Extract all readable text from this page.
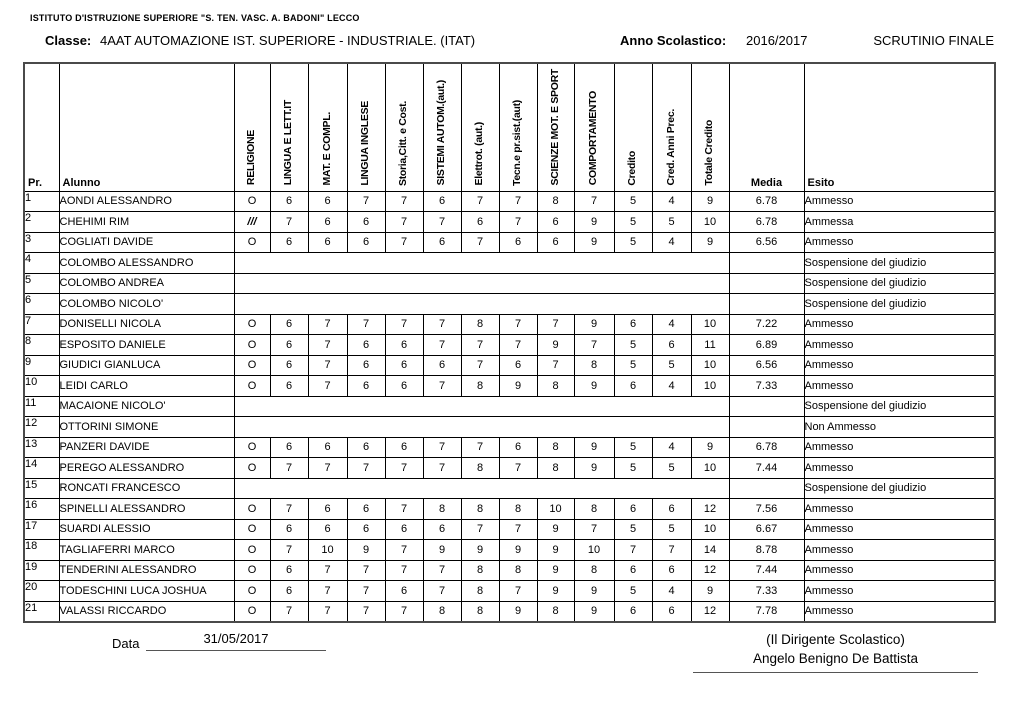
ISTITUTO D'ISTRUZIONE SUPERIORE "S. TEN. VASC. A. BADONI" LECCO
Classe: 4AAT AUTOMAZIONE IST. SUPERIORE - INDUSTRIALE. (ITAT)	Anno Scolastico: 2016/2017	SCRUTINIO FINALE
Pr.	Alunno	RELIGIONE	LINGUA E LETT.IT	MAT. E COMPL.	LINGUA INGLESE	Storia,Citt. e Cost.	SISTEMI AUTOM.(aut.)	Elettrot. (aut.)	Tecn.e pr.sist.(aut)	SCIENZE MOT. E SPORT	COMPORTAMENTO	Credito	Cred. Anni Prec.	Totale Credito	Media	Esito
1	AONDI ALESSANDRO	O	6	6	7	7	6	7	7	8	7	5	4	9	6.78	Ammesso
2	CHEHIMI RIM	///	7	6	6	7	7	6	7	6	9	5	5	10	6.78	Ammessa
3	COGLIATI DAVIDE	O	6	6	6	7	6	7	6	6	9	5	4	9	6.56	Ammesso
4	COLOMBO ALESSANDRO															Sospensione del giudizio
5	COLOMBO ANDREA															Sospensione del giudizio
6	COLOMBO NICOLO'															Sospensione del giudizio
7	DONISELLI NICOLA	O	6	7	7	7	7	8	7	7	9	6	4	10	7.22	Ammesso
8	ESPOSITO DANIELE	O	6	7	6	6	7	7	7	9	7	5	6	11	6.89	Ammesso
9	GIUDICI GIANLUCA	O	6	7	6	6	6	7	6	7	8	5	5	10	6.56	Ammesso
10	LEIDI CARLO	O	6	7	6	6	7	8	9	8	9	6	4	10	7.33	Ammesso
11	MACAIONE NICOLO'															Sospensione del giudizio
12	OTTORINI SIMONE															Non Ammesso
13	PANZERI DAVIDE	O	6	6	6	6	7	7	6	8	9	5	4	9	6.78	Ammesso
14	PEREGO ALESSANDRO	O	7	7	7	7	7	8	7	8	9	5	5	10	7.44	Ammesso
15	RONCATI FRANCESCO															Sospensione del giudizio
16	SPINELLI ALESSANDRO	O	7	6	6	7	8	8	8	10	8	6	6	12	7.56	Ammesso
17	SUARDI ALESSIO	O	6	6	6	6	6	7	7	9	7	5	5	10	6.67	Ammesso
18	TAGLIAFERRI MARCO	O	7	10	9	7	9	9	9	9	10	7	7	14	8.78	Ammesso
19	TENDERINI ALESSANDRO	O	6	7	7	7	7	8	8	9	8	6	6	12	7.44	Ammesso
20	TODESCHINI LUCA JOSHUA	O	6	7	7	6	7	8	7	9	9	5	4	9	7.33	Ammesso
21	VALASSI RICCARDO	O	7	7	7	7	8	8	9	8	9	6	6	12	7.78	Ammesso
Data	31/05/2017	(Il Dirigente Scolastico)
Angelo Benigno De Battista
